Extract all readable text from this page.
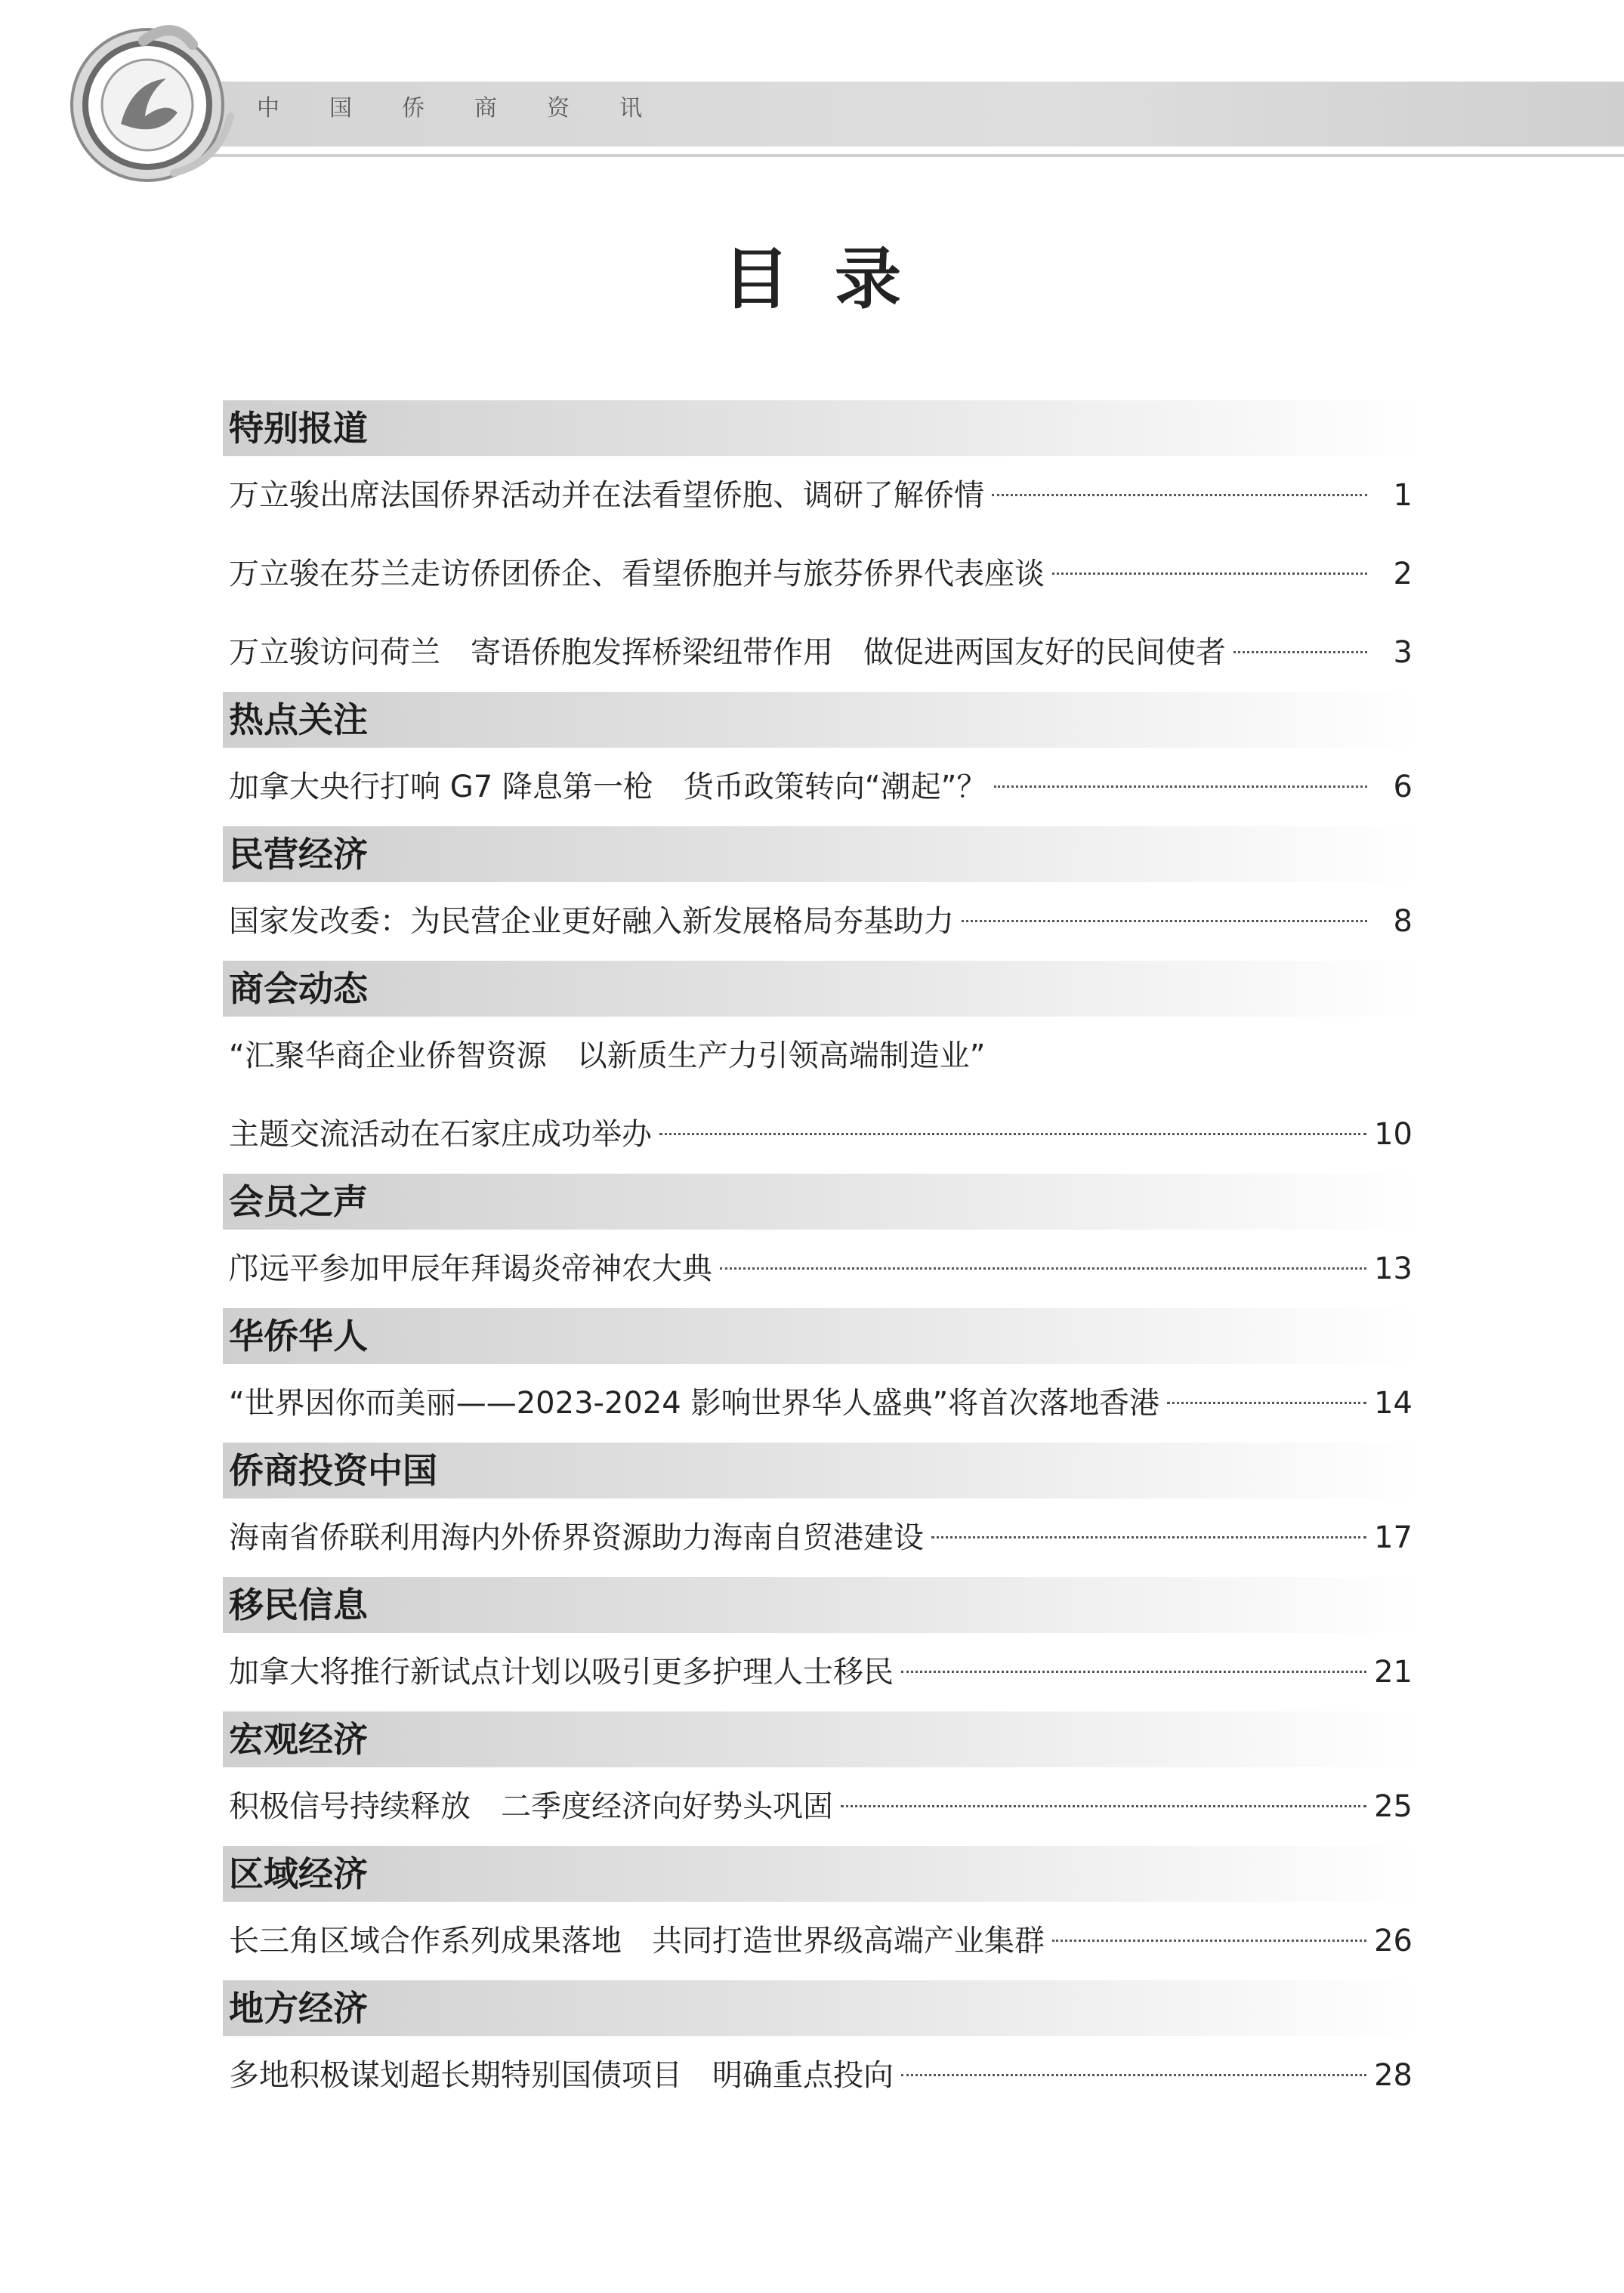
中国侨商资讯
目录
特别报道
万立骏出席法国侨界活动并在法看望侨胞、调研了解侨情	1
万立骏在芬兰走访侨团侨企、看望侨胞并与旅芬侨界代表座谈	2
万立骏访问荷兰　寄语侨胞发挥桥梁纽带作用　做促进两国友好的民间使者	3
热点关注
加拿大央行打响 G7 降息第一枪　货币政策转向“潮起”？	6
民营经济
国家发改委：为民营企业更好融入新发展格局夯基助力	8
商会动态
“汇聚华商企业侨智资源　以新质生产力引领高端制造业”
主题交流活动在石家庄成功举办	10
会员之声
邝远平参加甲辰年拜谒炎帝神农大典	13
华侨华人
“世界因你而美丽——2023-2024 影响世界华人盛典”将首次落地香港	14
侨商投资中国
海南省侨联利用海内外侨界资源助力海南自贸港建设	17
移民信息
加拿大将推行新试点计划以吸引更多护理人士移民	21
宏观经济
积极信号持续释放　二季度经济向好势头巩固	25
区域经济
长三角区域合作系列成果落地　共同打造世界级高端产业集群	26
地方经济
多地积极谋划超长期特别国债项目　明确重点投向	28
